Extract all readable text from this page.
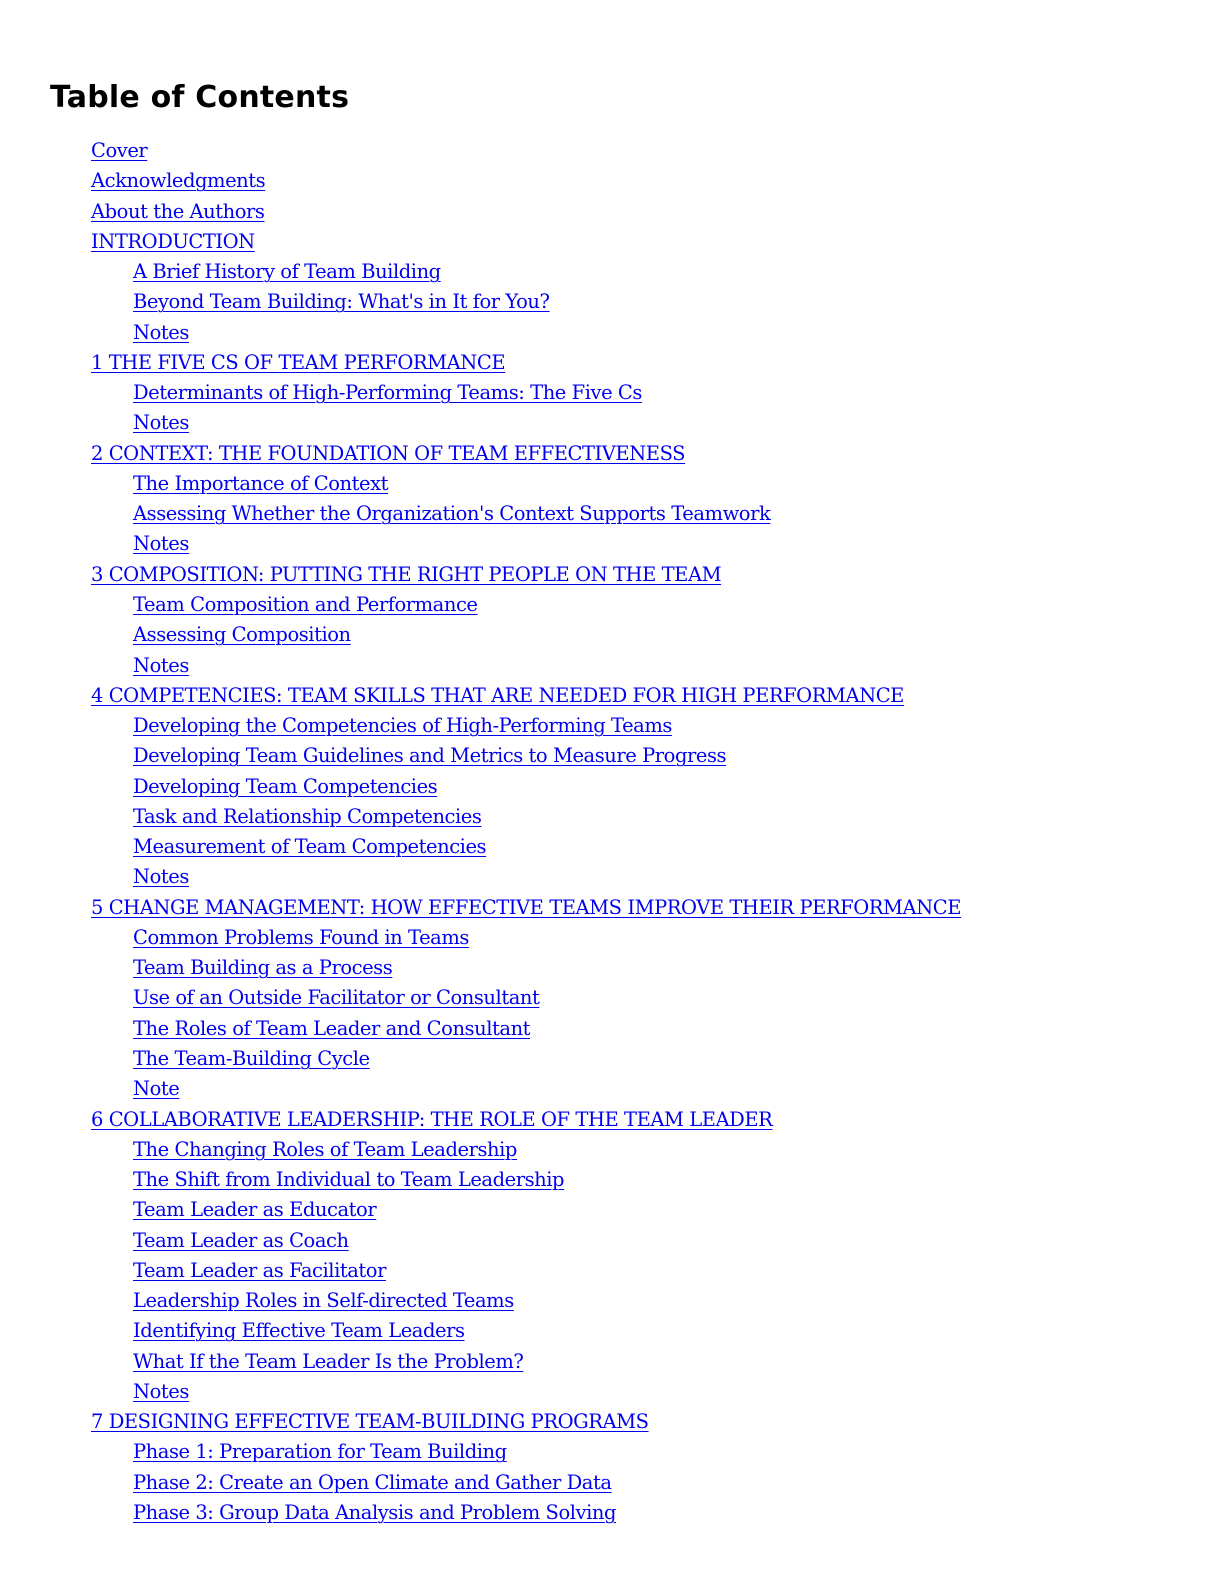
Table of Contents
Cover
Acknowledgments
About the Authors
INTRODUCTION
A Brief History of Team Building
Beyond Team Building: What's in It for You?
Notes
1 THE FIVE CS OF TEAM PERFORMANCE
Determinants of High-Performing Teams: The Five Cs
Notes
2 CONTEXT: THE FOUNDATION OF TEAM EFFECTIVENESS
The Importance of Context
Assessing Whether the Organization's Context Supports Teamwork
Notes
3 COMPOSITION: PUTTING THE RIGHT PEOPLE ON THE TEAM
Team Composition and Performance
Assessing Composition
Notes
4 COMPETENCIES: TEAM SKILLS THAT ARE NEEDED FOR HIGH PERFORMANCE
Developing the Competencies of High-Performing Teams
Developing Team Guidelines and Metrics to Measure Progress
Developing Team Competencies
Task and Relationship Competencies
Measurement of Team Competencies
Notes
5 CHANGE MANAGEMENT: HOW EFFECTIVE TEAMS IMPROVE THEIR PERFORMANCE
Common Problems Found in Teams
Team Building as a Process
Use of an Outside Facilitator or Consultant
The Roles of Team Leader and Consultant
The Team-Building Cycle
Note
6 COLLABORATIVE LEADERSHIP: THE ROLE OF THE TEAM LEADER
The Changing Roles of Team Leadership
The Shift from Individual to Team Leadership
Team Leader as Educator
Team Leader as Coach
Team Leader as Facilitator
Leadership Roles in Self-directed Teams
Identifying Effective Team Leaders
What If the Team Leader Is the Problem?
Notes
7 DESIGNING EFFECTIVE TEAM-BUILDING PROGRAMS
Phase 1: Preparation for Team Building
Phase 2: Create an Open Climate and Gather Data
Phase 3: Group Data Analysis and Problem Solving
